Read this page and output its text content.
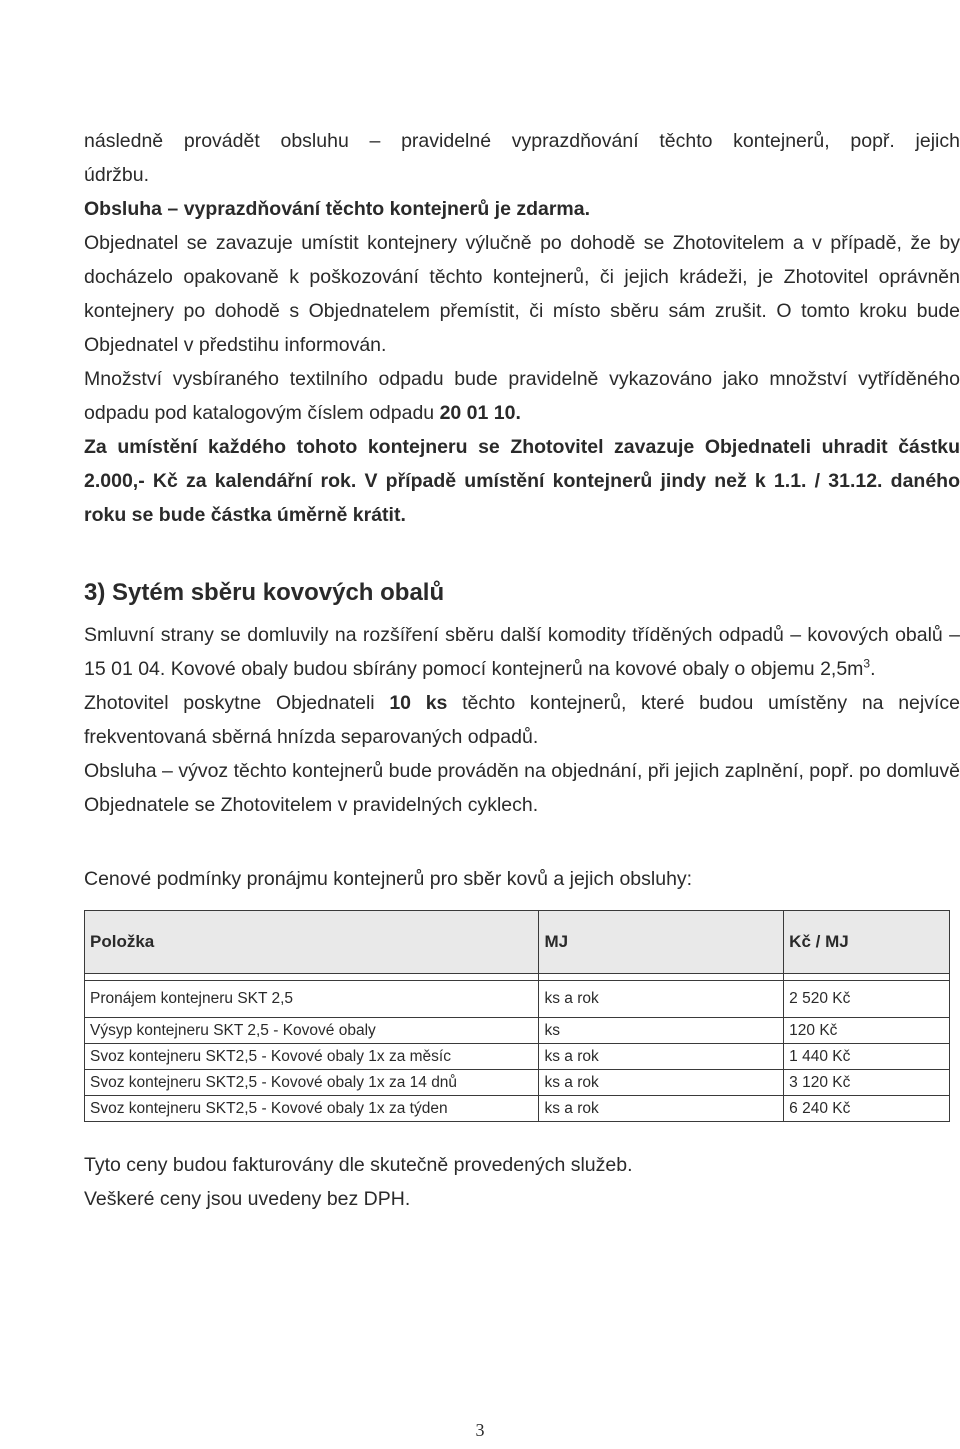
následně provádět obsluhu – pravidelné vyprazdňování těchto kontejnerů, popř. jejich

údržbu.

Obsluha – vyprazdňování těchto kontejnerů je zdarma.

Objednatel se zavazuje umístit kontejnery výlučně po dohodě se Zhotovitelem a v případě, že by docházelo opakovaně k poškozování těchto kontejnerů, či jejich krádeži, je Zhotovitel oprávněn kontejnery po dohodě s Objednatelem přemístit, či místo sběru sám zrušit. O tomto kroku bude Objednatel v předstihu informován.

Množství vysbíraného textilního odpadu bude pravidelně vykazováno jako množství vytříděného odpadu pod katalogovým číslem odpadu 20 01 10.

Za umístění každého tohoto kontejneru se Zhotovitel zavazuje Objednateli uhradit částku 2.000,- Kč za kalendářní rok. V případě umístění kontejnerů jindy než k 1.1. / 31.12. daného roku se bude částka úměrně krátit.

3) Sytém sběru kovových obalů

Smluvní strany se domluvily na rozšíření sběru další komodity tříděných odpadů – kovových obalů – 15 01 04. Kovové obaly budou sbírány pomocí kontejnerů na kovové obaly o objemu $2,5m^3$.

Zhotovitel poskytne Objednateli 10 ks těchto kontejnerů, které budou umístěny na nejvíce frekventovaná sběrná hnízda separovaných odpadů.

Obsluha – vývoz těchto kontejnerů bude prováděn na objednání, při jejich zaplnění, popř. po domluvě Objednatele se Zhotovitelem v pravidelných cyklech.

Cenové podmínky pronájmu kontejnerů pro sběr kovů a jejich obsluhy:

Položka	MJ	Kč / MJ

Pronájem kontejneru SKT 2,5	ks a rok	2 520 Kč
Výsyp kontejneru SKT 2,5 - Kovové obaly	ks	120 Kč
Svoz kontejneru SKT2,5 - Kovové obaly 1x za měsíc	ks a rok	1 440 Kč
Svoz kontejneru SKT2,5 - Kovové obaly 1x za 14 dnů	ks a rok	3 120 Kč
Svoz kontejneru SKT2,5 - Kovové obaly 1x za týden	ks a rok	6 240 Kč

Tyto ceny budou fakturovány dle skutečně provedených služeb.

Veškeré ceny jsou uvedeny bez DPH.

3
